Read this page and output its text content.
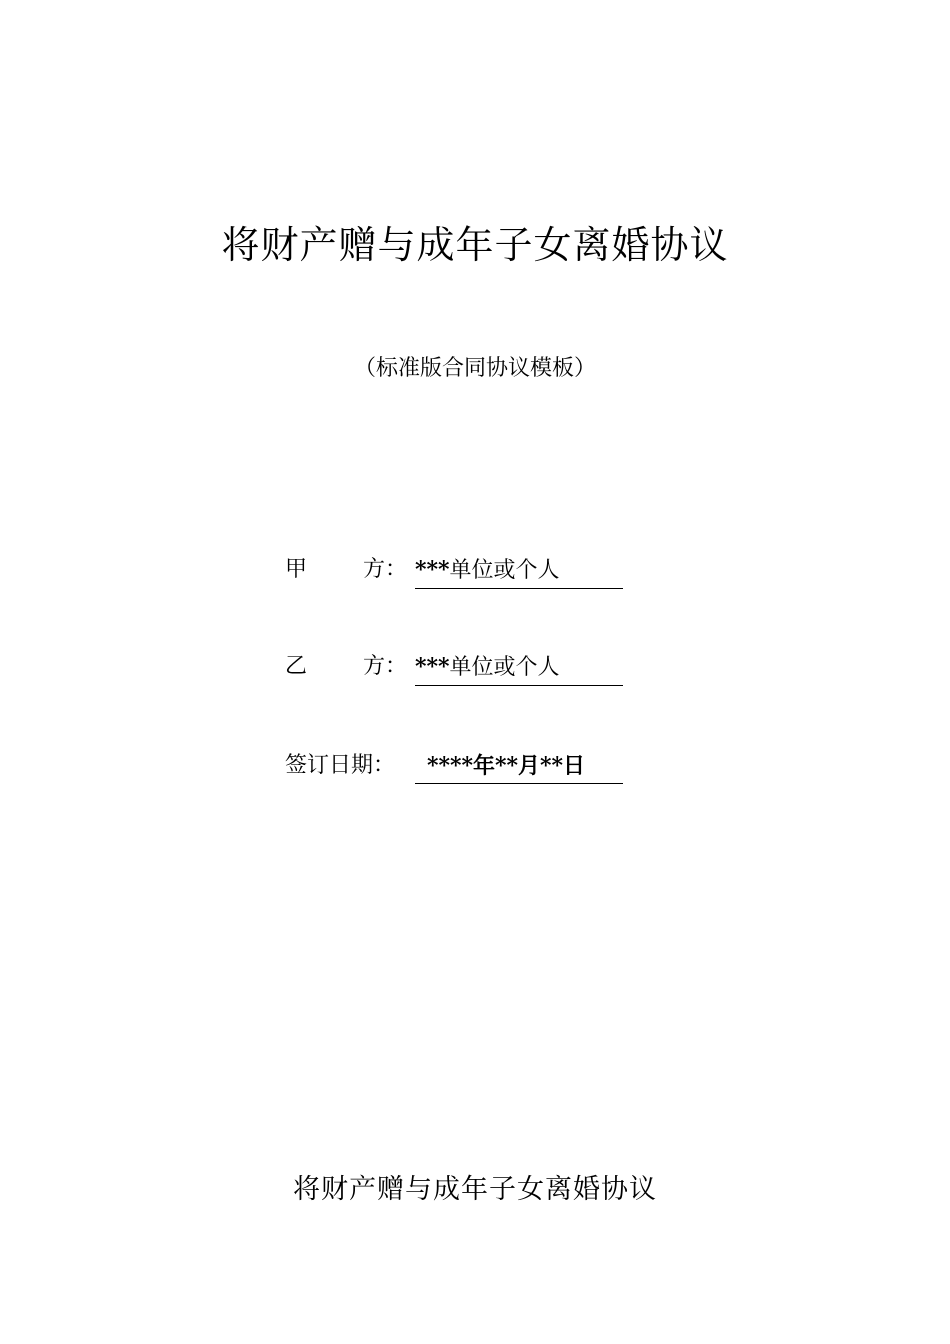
将财产赠与成年子女离婚协议
（标准版合同协议模板）
甲	方： ***单位或个人
乙	方： ***单位或个人
签订日期：	****年**月**日
将财产赠与成年子女离婚协议
